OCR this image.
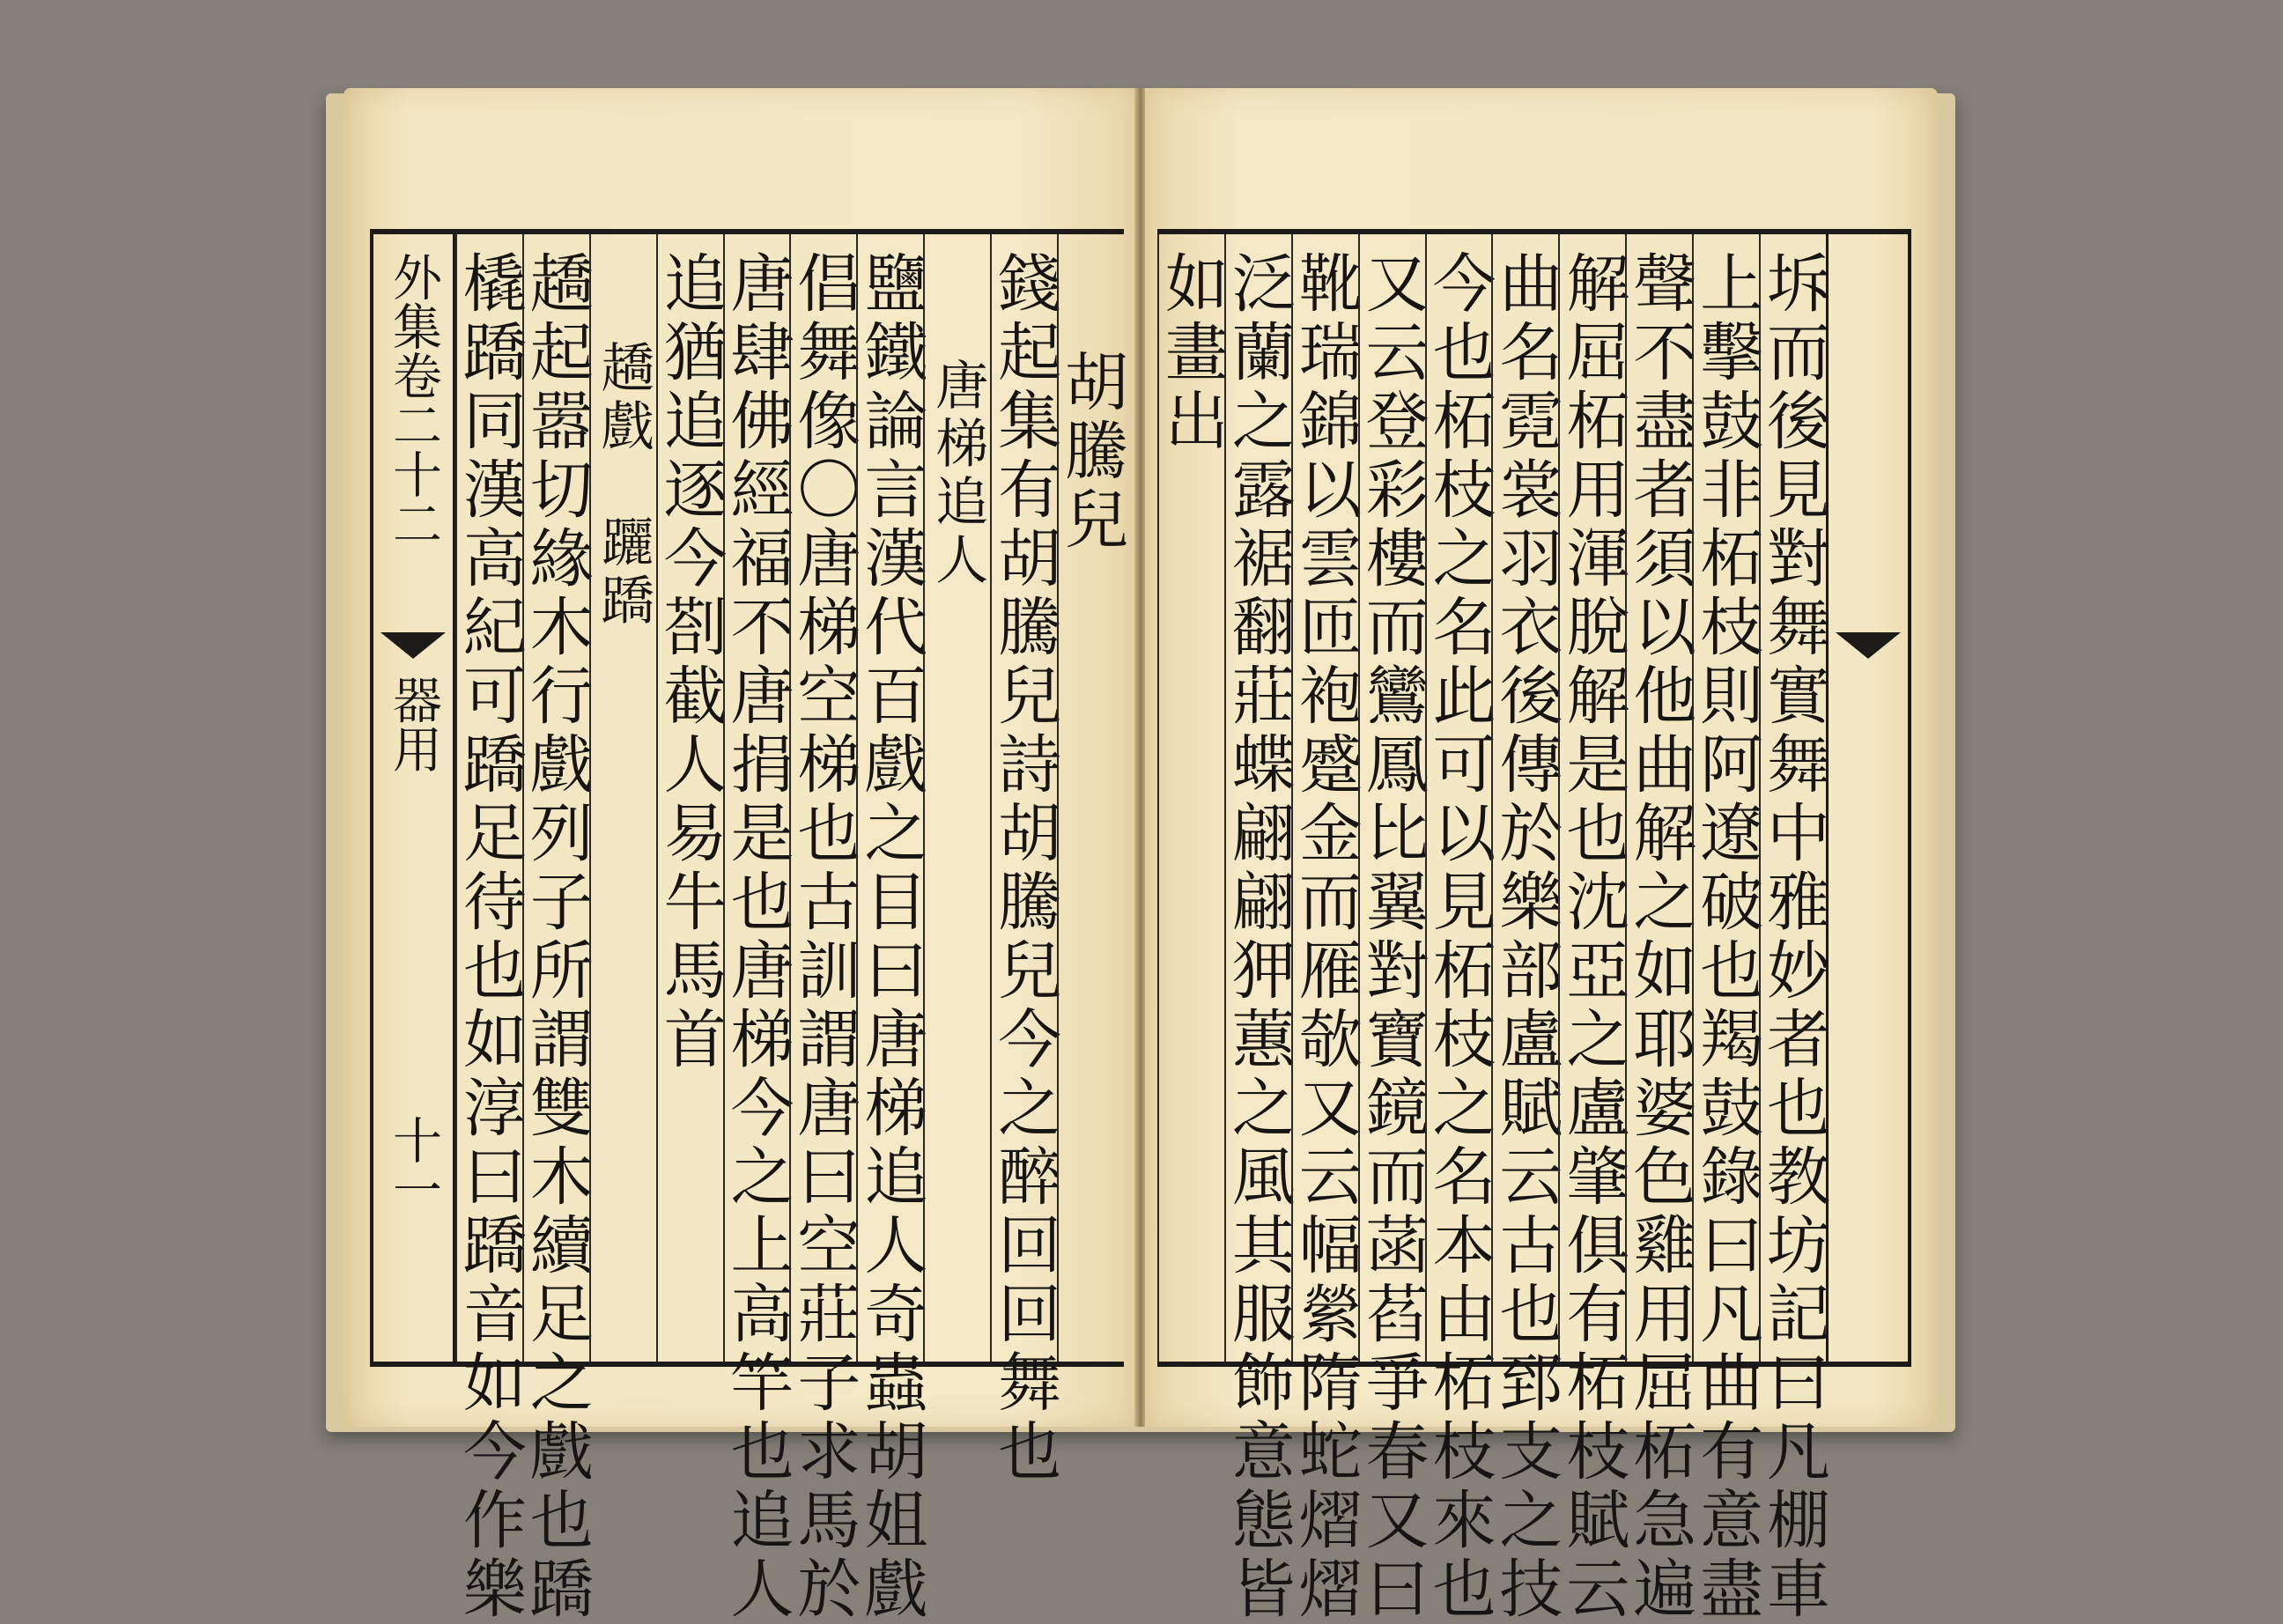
外集卷二十二
器用
十一
胡騰兒
錢起集有胡騰兒詩胡騰兒今之醉回回舞也
唐梯追人
鹽鐵論言漢代百戲之目曰唐梯追人奇蟲胡姐戲
倡舞像〇唐梯空梯也古訓謂唐曰空莊子求馬於
唐肆佛經福不唐捐是也唐梯今之上高竿也追人
追猶追逐今剳截人易牛馬首
趫戲　躧蹻
趫起嚣切緣木行戲列子所謂雙木續足之戲也蹻
橇蹻同漢高紀可蹻足待也如淳曰蹻音如今作樂	坼而後見對舞實舞中雅妙者也教坊記曰凡棚車
上擊鼓非柘枝則阿遼破也羯鼓錄曰凡曲有意盡
聲不盡者須以他曲解之如耶婆色雞用屈柘急遍
解屈柘用渾脫解是也沈亞之盧肇俱有柘枝賦云
曲名霓裳羽衣後傳於樂部盧賦云古也郅支之技
今也柘枝之名此可以見柘枝之名本由柘枝來也
又云登彩樓而鸞鳳比翼對寶鏡而菡萏爭春又曰
靴瑞錦以雲匝袍蹙金而雁欹又云幅縈隋蛇熠熠
泛蘭之露裾翻莊蝶翩翩狎蕙之風其服飾意態皆
如畫出
